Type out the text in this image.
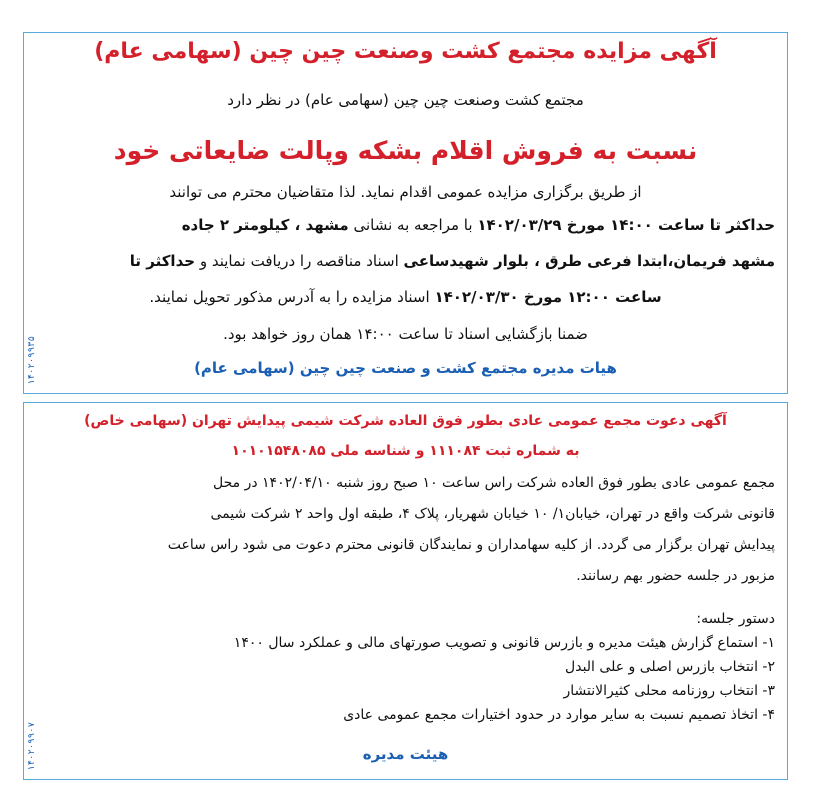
آگهی مزایده مجتمع کشت وصنعت چین چین (سهامی عام)
مجتمع کشت وصنعت چین چین (سهامی عام) در نظر دارد
نسبت به فروش اقلام بشکه وپالت ضایعاتی خود
از طریق برگزاری مزایده عمومی اقدام نماید. لذا متقاضیان محترم می توانند
حداکثر تا ساعت ۱۴:۰۰ مورخ ۱۴۰۲/۰۳/۲۹ با مراجعه به نشانی مشهد ، کیلومتر ۲ جاده
مشهد فریمان،ابتدا فرعی طرق ، بلوار شهیدساعی اسناد مناقصه را دریافت نمایند و حداکثر تا
ساعت ۱۲:۰۰ مورخ ۱۴۰۲/۰۳/۳۰ اسناد مزایده را به آدرس مذکور تحویل نمایند.
ضمنا بازگشایی اسناد تا ساعت ۱۴:۰۰ همان روز خواهد بود.
هیات مدیره مجتمع کشت و صنعت چین چین (سهامی عام)
۱۴۰۲۰۹۹۳۵
آگهی دعوت مجمع عمومی عادی بطور فوق العاده شرکت شیمی پیدایش تهران (سهامی خاص)
به شماره ثبت ۱۱۱۰۸۴ و شناسه ملی ۱۰۱۰۱۵۴۸۰۸۵
مجمع عمومی عادی بطور فوق العاده شرکت راس ساعت ۱۰ صبح روز شنبه ۱۴۰۲/۰۴/۱۰ در محل
قانونی شرکت واقع در تهران، خیابان۱/ ۱۰ خیابان شهریار، پلاک ۴، طبقه اول واحد ۲ شرکت شیمی
پیدایش تهران برگزار می گردد. از کلیه سهامداران و نمایندگان قانونی محترم دعوت می شود راس ساعت
مزبور در جلسه حضور بهم رسانند.
دستور جلسه:
۱- استماع گزارش هیئت مدیره و بازرس قانونی و تصویب صورتهای مالی و عملکرد سال ۱۴۰۰
۲- انتخاب بازرس اصلی و علی البدل
۳- انتخاب روزنامه محلی کثیرالانتشار
۴- اتخاذ تصمیم نسبت به سایر موارد در حدود اختیارات مجمع عمومی عادی
هیئت مدیره
۱۴۰۲۰۹۹۰۷
